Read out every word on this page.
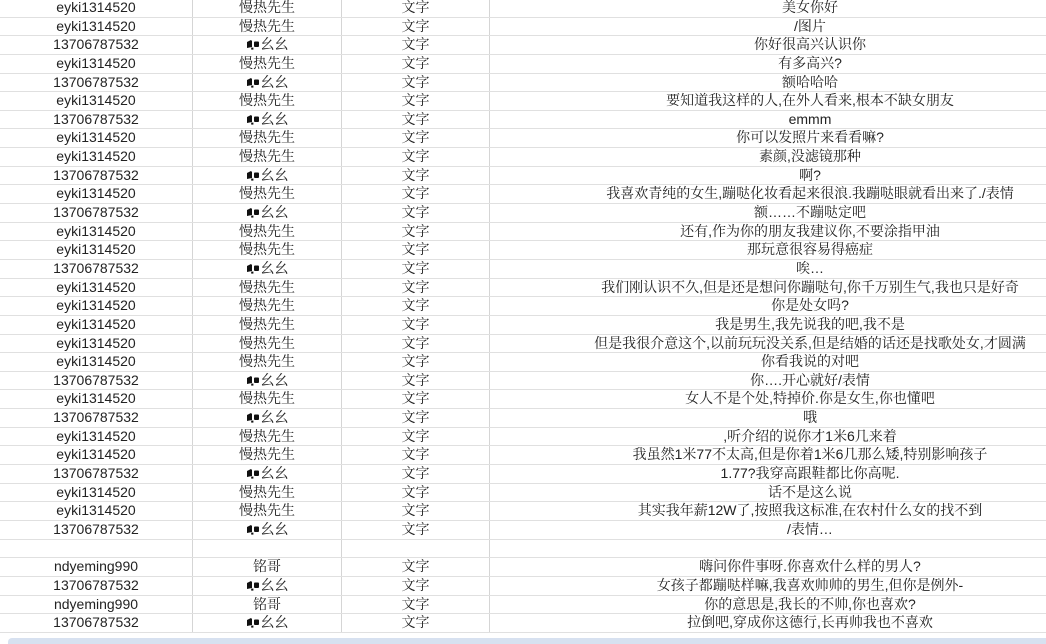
eyki1314520	慢热先生	文字	美女你好
eyki1314520	慢热先生	文字	/图片
13706787532	幺幺	文字	你好很高兴认识你
eyki1314520	慢热先生	文字	有多高兴?
13706787532	幺幺	文字	额哈哈哈
eyki1314520	慢热先生	文字	要知道我这样的人,在外人看来,根本不缺女朋友
13706787532	幺幺	文字	emmm
eyki1314520	慢热先生	文字	你可以发照片来看看嘛?
eyki1314520	慢热先生	文字	素颜,没滤镜那种
13706787532	幺幺	文字	啊?
eyki1314520	慢热先生	文字	我喜欢青纯的女生,蹦哒化妆看起来很浪.我蹦哒眼就看出来了./表情
13706787532	幺幺	文字	额……不蹦哒定吧
eyki1314520	慢热先生	文字	还有,作为你的朋友我建议你,不要涂指甲油
eyki1314520	慢热先生	文字	那玩意很容易得癌症
13706787532	幺幺	文字	唉…
eyki1314520	慢热先生	文字	我们刚认识不久,但是还是想问你蹦哒句,你千万别生气,我也只是好奇
eyki1314520	慢热先生	文字	你是处女吗?
eyki1314520	慢热先生	文字	我是男生,我先说我的吧,我不是
eyki1314520	慢热先生	文字	但是我很介意这个,以前玩玩没关系,但是结婚的话还是找歌处女,才圆满
eyki1314520	慢热先生	文字	你看我说的对吧
13706787532	幺幺	文字	你….开心就好/表情
eyki1314520	慢热先生	文字	女人不是个处,特掉价.你是女生,你也懂吧
13706787532	幺幺	文字	哦
eyki1314520	慢热先生	文字	,听介绍的说你才1米6几来着
eyki1314520	慢热先生	文字	我虽然1米77不太高,但是你着1米6几那么矮,特别影响孩子
13706787532	幺幺	文字	1.77?我穿高跟鞋都比你高呢.
eyki1314520	慢热先生	文字	话不是这么说
eyki1314520	慢热先生	文字	其实我年薪12W了,按照我这标准,在农村什么女的找不到
13706787532	幺幺	文字	/表情…
ndyeming990	铭哥	文字	嗨问你件事呀.你喜欢什么样的男人?
13706787532	幺幺	文字	女孩子都蹦哒样嘛,我喜欢帅帅的男生,但你是例外-
ndyeming990	铭哥	文字	你的意思是,我长的不帅,你也喜欢?
13706787532	幺幺	文字	拉倒吧,穿成你这德行,长再帅我也不喜欢
